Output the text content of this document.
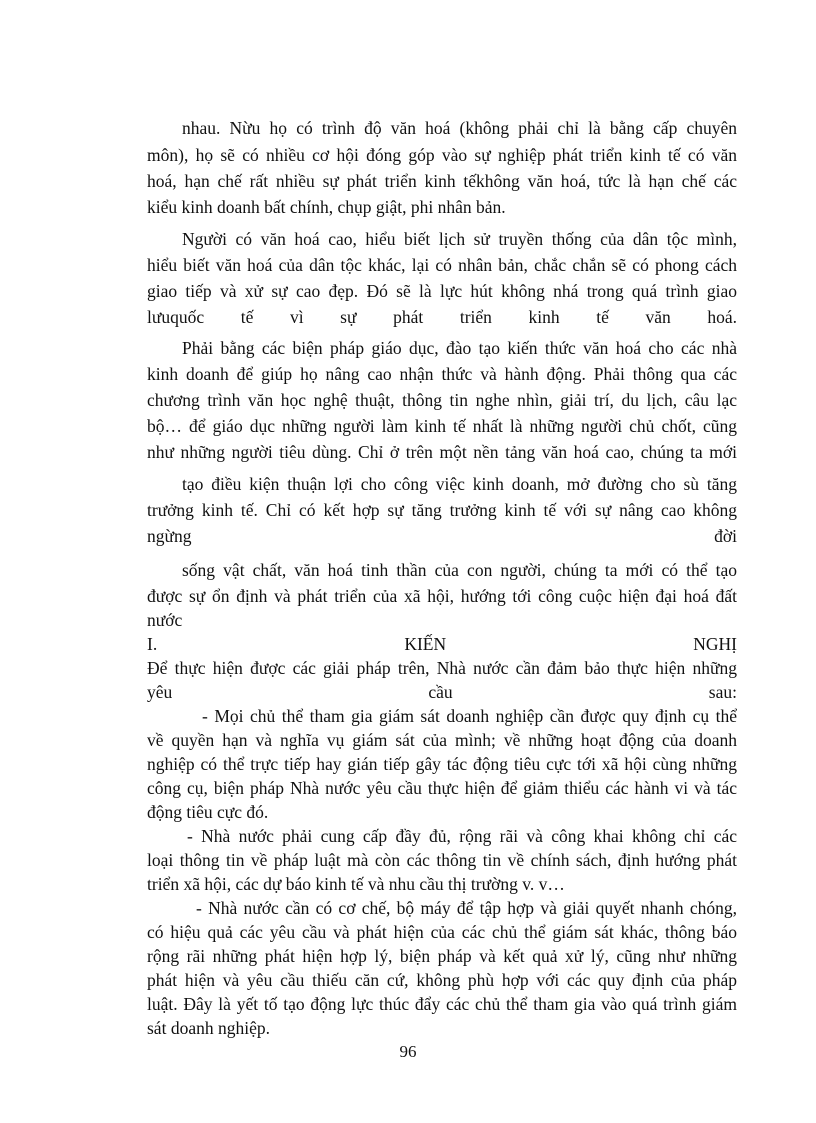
nhau. Nừu họ có trình độ văn hoá (không phải chỉ là bằng cấp chuyên

môn), họ sẽ có nhiều cơ hội đóng góp vào sự nghiệp phát triển kinh tế có văn

hoá, hạn chế rất nhiều sự phát triển kinh tếkhông văn hoá, tức là hạn chế các

kiểu kinh doanh bất chính, chụp giật, phi nhân bản.

Người có văn hoá cao, hiểu biết lịch sử truyền thống của dân tộc mình,

hiểu biết văn hoá của dân tộc khác, lại có nhân bản, chắc chắn sẽ có phong cách

giao tiếp và xử sự cao đẹp. Đó sẽ là lực hút không nhá trong quá trình giao

lưuquốc tế vì sự phát triển kinh tế văn hoá.

Phải bằng các biện pháp giáo dục, đào tạo kiến thức văn hoá cho các nhà

kinh doanh để giúp họ nâng cao nhận thức và hành động. Phải thông qua các

chương trình văn học nghệ thuật, thông tin nghe nhìn, giải trí, du lịch, câu lạc

bộ… để giáo dục những người làm kinh tế nhất là những người chủ chốt, cũng

như những người tiêu dùng. Chỉ ở trên một nền tảng văn hoá cao, chúng ta mới

tạo điều kiện thuận lợi cho công việc kinh doanh, mở đường cho sù tăng

trưởng kinh tế. Chỉ có kết hợp sự tăng trưởng kinh tế với sự nâng cao không

ngừng đời

sống vật chất, văn hoá tinh thần của con người, chúng ta mới có thể tạo

được sự ổn định và phát triển của xã hội, hướng tới công cuộc hiện đại hoá đất

nước

I. KIẾN NGHỊ

Để thực hiện được các giải pháp trên, Nhà nước cần đảm bảo thực hiện những

yêu cầu sau:

- Mọi chủ thể tham gia giám sát doanh nghiệp cần được quy định cụ thể

về quyền hạn và nghĩa vụ giám sát của mình; về những hoạt động của doanh

nghiệp có thể trực tiếp hay gián tiếp gây tác động tiêu cực tới xã hội cùng những

công cụ, biện pháp Nhà nước yêu cầu thực hiện để giảm thiểu các hành vi và tác

động tiêu cực đó.

- Nhà nước phải cung cấp đầy đủ, rộng rãi và công khai không chỉ các

loại thông tin về pháp luật mà còn các thông tin về chính sách, định hướng phát

triển xã hội, các dự báo kinh tế và nhu cầu thị trường v. v…

- Nhà nước cần có cơ chế, bộ máy để tập hợp và giải quyết nhanh chóng,

có hiệu quả các yêu cầu và phát hiện của các chủ thể giám sát khác, thông báo

rộng rãi những phát hiện hợp lý, biện pháp và kết quả xử lý, cũng như những

phát hiện và yêu cầu thiếu căn cứ, không phù hợp với các quy định của pháp

luật. Đây là yết tố tạo động lực thúc đẩy các chủ thể tham gia vào quá trình giám

sát doanh nghiệp.

96
